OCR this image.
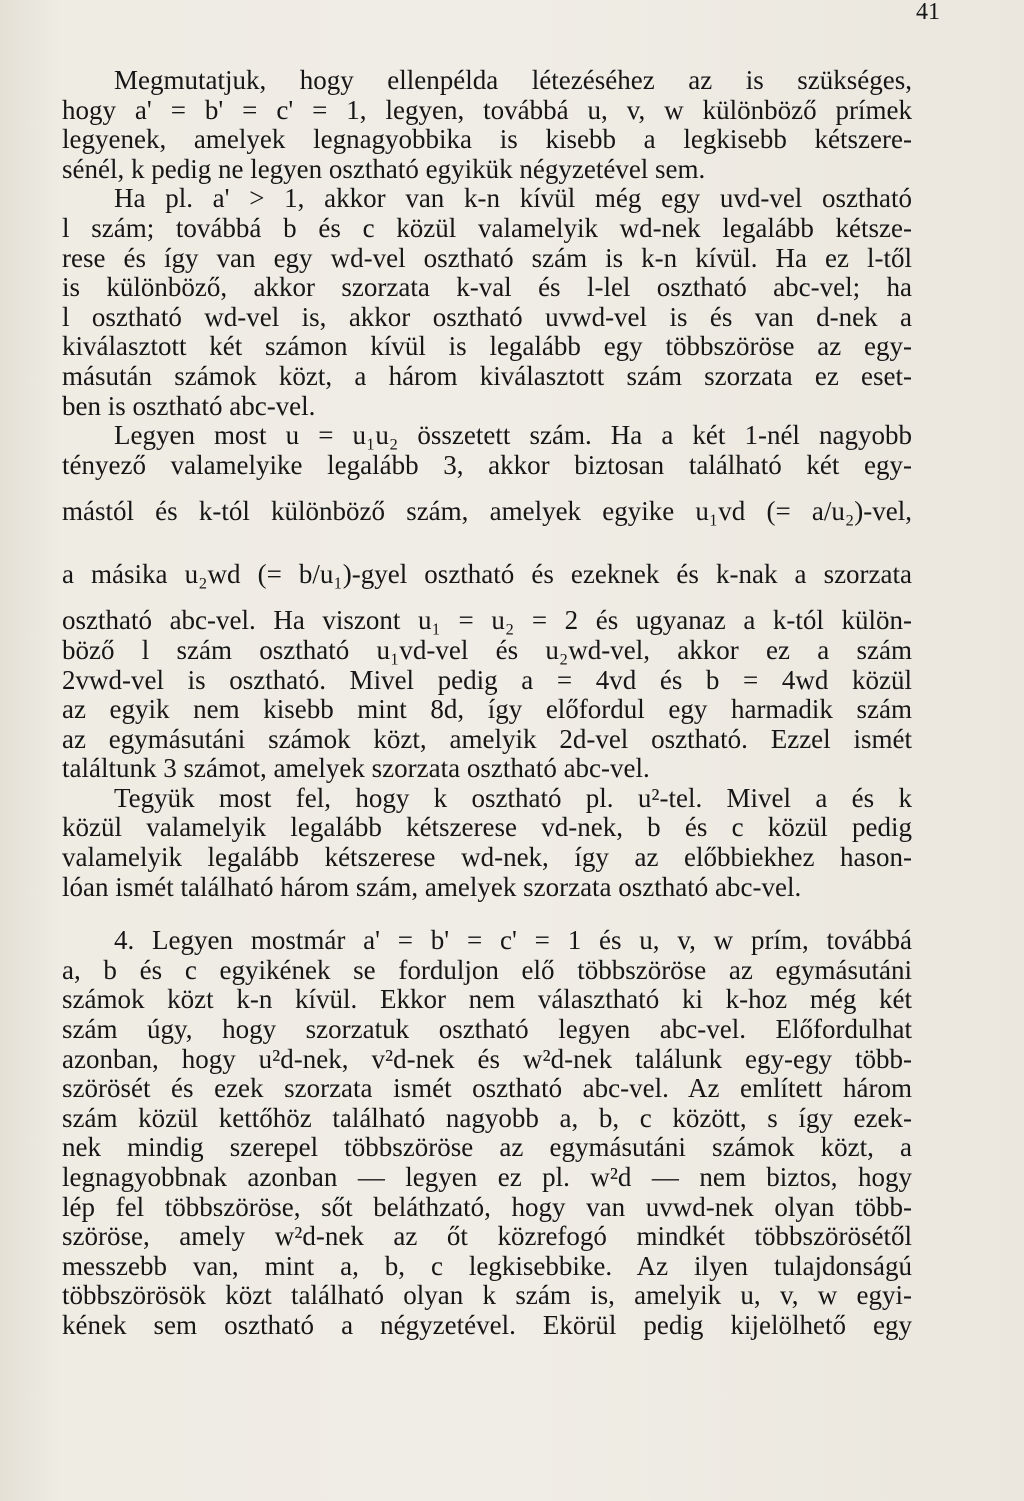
41
Megmutatjuk, hogy ellenpélda létezéséhez az is szükséges,
hogy a' = b' = c' = 1, legyen, továbbá u, v, w különböző prímek
legyenek, amelyek legnagyobbika is kisebb a legkisebb kétszere-
sénél, k pedig ne legyen osztható egyikük négyzetével sem.
Ha pl. a' > 1, akkor van k-n kívül még egy uvd-vel osztható
l szám; továbbá b és c közül valamelyik wd-nek legalább kétsze-
rese és így van egy wd-vel osztható szám is k-n kívül. Ha ez l-től
is különböző, akkor szorzata k-val és l-lel osztható abc-vel; ha
l osztható wd-vel is, akkor osztható uvwd-vel is és van d-nek a
kiválasztott két számon kívül is legalább egy többszöröse az egy-
másután számok közt, a három kiválasztott szám szorzata ez eset-
ben is osztható abc-vel.
Legyen most u = u₁u₂ összetett szám. Ha a két 1-nél nagyobb
tényező valamelyike legalább 3, akkor biztosan található két egy-
mástól és k-tól különböző szám, amelyek egyike u₁vd (= a/u₂)-vel,
a másika u₂wd (= b/u₁)-gyel osztható és ezeknek és k-nak a szorzata
osztható abc-vel. Ha viszont u₁ = u₂ = 2 és ugyanaz a k-tól külön-
böző l szám osztható u₁vd-vel és u₂wd-vel, akkor ez a szám
2vwd-vel is osztható. Mivel pedig a = 4vd és b = 4wd közül
az egyik nem kisebb mint 8d, így előfordul egy harmadik szám
az egymásutáni számok közt, amelyik 2d-vel osztható. Ezzel ismét
találtunk 3 számot, amelyek szorzata osztható abc-vel.
Tegyük most fel, hogy k osztható pl. u²-tel. Mivel a és k
közül valamelyik legalább kétszerese vd-nek, b és c közül pedig
valamelyik legalább kétszerese wd-nek, így az előbbiekhez hason-
lóan ismét található három szám, amelyek szorzata osztható abc-vel.
4. Legyen mostmár a' = b' = c' = 1 és u, v, w prím, továbbá
a, b és c egyikének se forduljon elő többszöröse az egymásutáni
számok közt k-n kívül. Ekkor nem választható ki k-hoz még két
szám úgy, hogy szorzatuk osztható legyen abc-vel. Előfordulhat
azonban, hogy u²d-nek, v²d-nek és w²d-nek találunk egy-egy több-
szörösét és ezek szorzata ismét osztható abc-vel. Az említett három
szám közül kettőhöz található nagyobb a, b, c között, s így ezek-
nek mindig szerepel többszöröse az egymásutáni számok közt, a
legnagyobbnak azonban — legyen ez pl. w²d — nem biztos, hogy
lép fel többszöröse, sőt beláthzató, hogy van uvwd-nek olyan több-
szöröse, amely w²d-nek az őt közrefogó mindkét többszörösétől
messzebb van, mint a, b, c legkisebbike. Az ilyen tulajdonságú
többszörösök közt található olyan k szám is, amelyik u, v, w egyi-
kének sem osztható a négyzetével. Ekörül pedig kijelölhető egy
